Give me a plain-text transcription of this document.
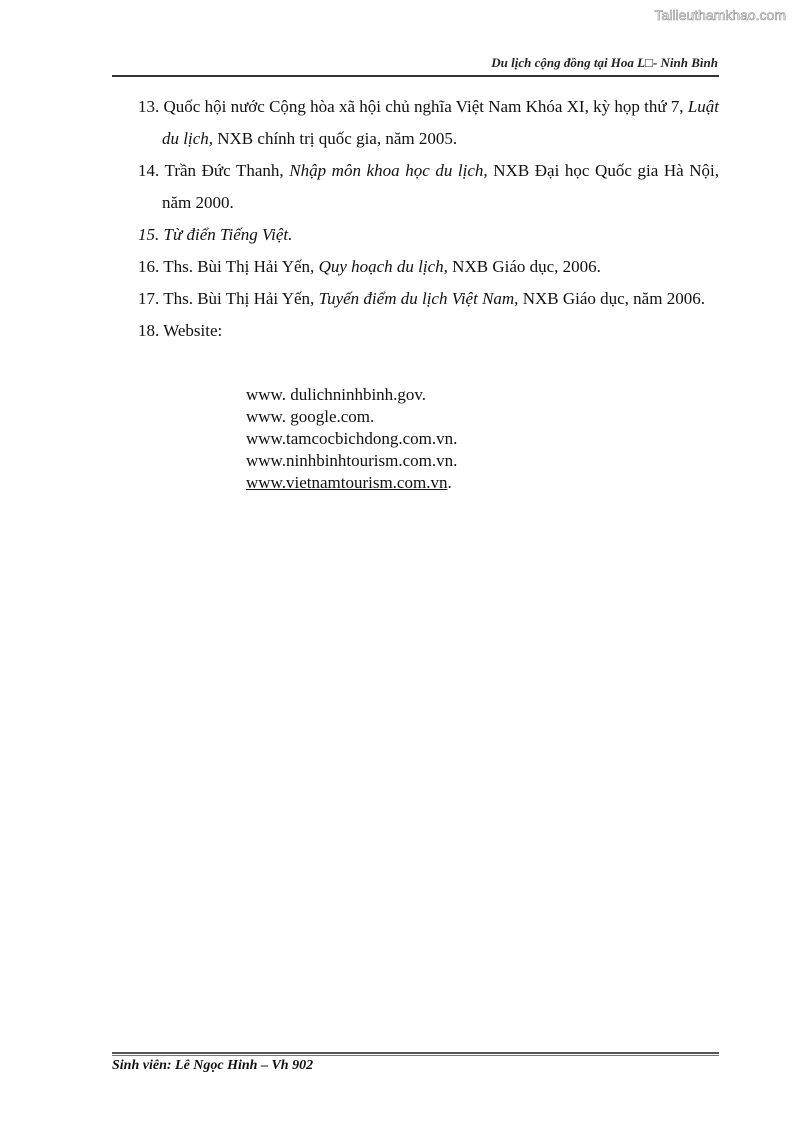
Tailieuthamkhao.com
Du lịch cộng đồng tại Hoa L□- Ninh Bình
13. Quốc hội nước Cộng hòa xã hội chủ nghĩa Việt Nam Khóa XI, kỳ họp thứ 7, Luật du lịch, NXB chính trị quốc gia, năm 2005.
14. Trần Đức Thanh, Nhập môn khoa học du lịch, NXB Đại học Quốc gia Hà Nội, năm 2000.
15. Từ điển Tiếng Việt.
16. Ths. Bùi Thị Hải Yến, Quy hoạch du lịch, NXB Giáo dục, 2006.
17. Ths. Bùi Thị Hải Yến, Tuyến điểm du lịch Việt Nam, NXB Giáo dục, năm 2006.
18. Website:
www. dulichninhbinh.gov.
www. google.com.
www.tamcocbichdong.com.vn.
www.ninhbinhtourism.com.vn.
www.vietnamtourism.com.vn.
Sinh viên: Lê Ngọc Hinh – Vh 902
